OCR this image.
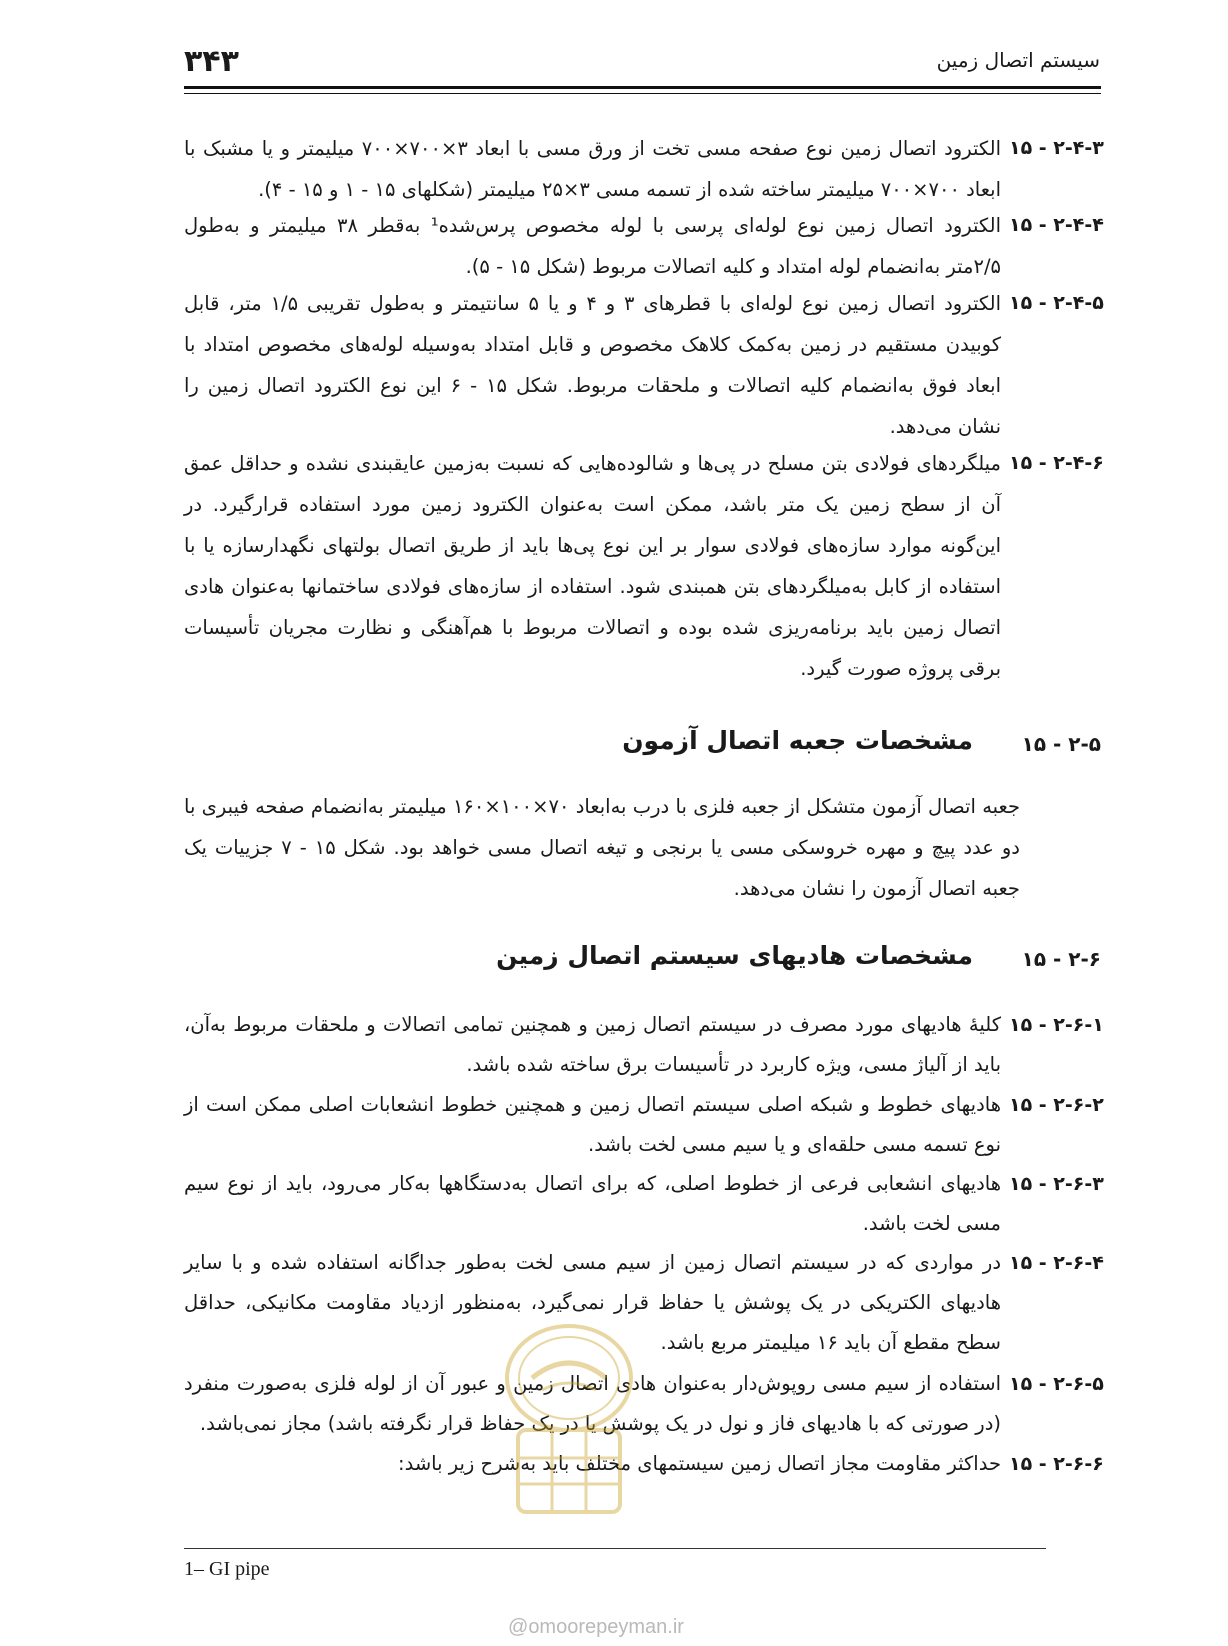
سیستم اتصال زمین
۳۴۳
۱۵ - ۲-۴-۳
الکترود اتصال زمین نوع صفحه مسی تخت از ورق مسی با ابعاد ۳×۷۰۰×۷۰۰ میلیمتر و یا مشبک با ابعاد ۷۰۰×۷۰۰ میلیمتر ساخته شده از تسمه مسی ۳×۲۵ میلیمتر (شکلهای ۱۵ - ۱ و ۱۵ - ۴).
۱۵ - ۲-۴-۴
الکترود اتصال زمین نوع لوله‌ای پرسی با لوله مخصوص پرس‌شده¹ به‌قطر ۳۸ میلیمتر و به‌طول ۲/۵متر به‌انضمام لوله امتداد و کلیه اتصالات مربوط (شکل ۱۵ - ۵).
۱۵ - ۲-۴-۵
الکترود اتصال زمین نوع لوله‌ای با قطرهای ۳ و ۴ و یا ۵ سانتیمتر و به‌طول تقریبی ۱/۵ متر، قابل کوبیدن مستقیم در زمین به‌کمک کلاهک مخصوص و قابل امتداد به‌وسیله لوله‌های مخصوص امتداد با ابعاد فوق به‌انضمام کلیه اتصالات و ملحقات مربوط. شکل ۱۵ - ۶ این نوع الکترود اتصال زمین را نشان می‌دهد.
۱۵ - ۲-۴-۶
میلگردهای فولادی بتن مسلح در پی‌ها و شالوده‌هایی که نسبت به‌زمین عایقبندی نشده و حداقل عمق آن از سطح زمین یک متر باشد، ممکن است به‌عنوان الکترود زمین مورد استفاده قرار‌گیرد. در این‌گونه موارد سازه‌های فولادی سوار بر این نوع پی‌ها باید از طریق اتصال بولتهای نگهدارسازه یا با استفاده از کابل به‌میلگردهای بتن همبندی شود. استفاده از سازه‌های فولادی ساختمانها به‌عنوان هادی اتصال زمین باید برنامه‌ریزی شده بوده و اتصالات مربوط با هم‌آهنگی و نظارت مجریان تأسیسات برقی پروژه صورت گیرد.
۱۵ - ۲-۵
مشخصات جعبه اتصال آزمون
جعبه اتصال آزمون متشکل از جعبه فلزی با درب به‌ابعاد ۷۰×۱۰۰×۱۶۰ میلیمتر به‌انضمام صفحه فیبری با دو عدد پیچ و مهره خروسکی مسی یا برنجی و تیغه اتصال مسی خواهد بود. شکل ۱۵ - ۷ جزییات یک جعبه اتصال آزمون را نشان می‌دهد.
۱۵ - ۲-۶
مشخصات هادیهای سیستم اتصال زمین
۱۵ - ۲-۶-۱
کلیهٔ هادیهای مورد مصرف در سیستم اتصال زمین و همچنین تمامی اتصالات و ملحقات مربوط به‌آن، باید از آلیاژ مسی، ویژه کاربرد در تأسیسات برق ساخته شده باشد.
۱۵ - ۲-۶-۲
هادیهای خطوط و شبکه اصلی سیستم اتصال زمین و همچنین خطوط انشعابات اصلی ممکن است از نوع تسمه مسی حلقه‌ای و یا سیم مسی لخت باشد.
۱۵ - ۲-۶-۳
هادیهای انشعابی فرعی از خطوط اصلی، که برای اتصال به‌دستگاهها به‌کار می‌رود، باید از نوع سیم مسی لخت باشد.
۱۵ - ۲-۶-۴
در مواردی که در سیستم اتصال زمین از سیم مسی لخت به‌طور جداگانه استفاده شده و با سایر هادیهای الکتریکی در یک پوشش یا حفاظ قرار نمی‌گیرد، به‌منظور ازدیاد مقاومت مکانیکی، حداقل سطح مقطع آن باید ۱۶ میلیمتر مربع باشد.
۱۵ - ۲-۶-۵
استفاده از سیم مسی روپوش‌دار به‌عنوان هادی اتصال زمین و عبور آن از لوله فلزی به‌صورت منفرد (در صورتی که با هادیهای فاز و نول در یک پوشش یا در یک حفاظ قرار نگرفته باشد) مجاز نمی‌باشد.
۱۵ - ۲-۶-۶
حداکثر مقاومت مجاز اتصال زمین سیستمهای مختلف باید به‌شرح زیر باشد:
1– GI pipe
@omoorepeyman.ir
